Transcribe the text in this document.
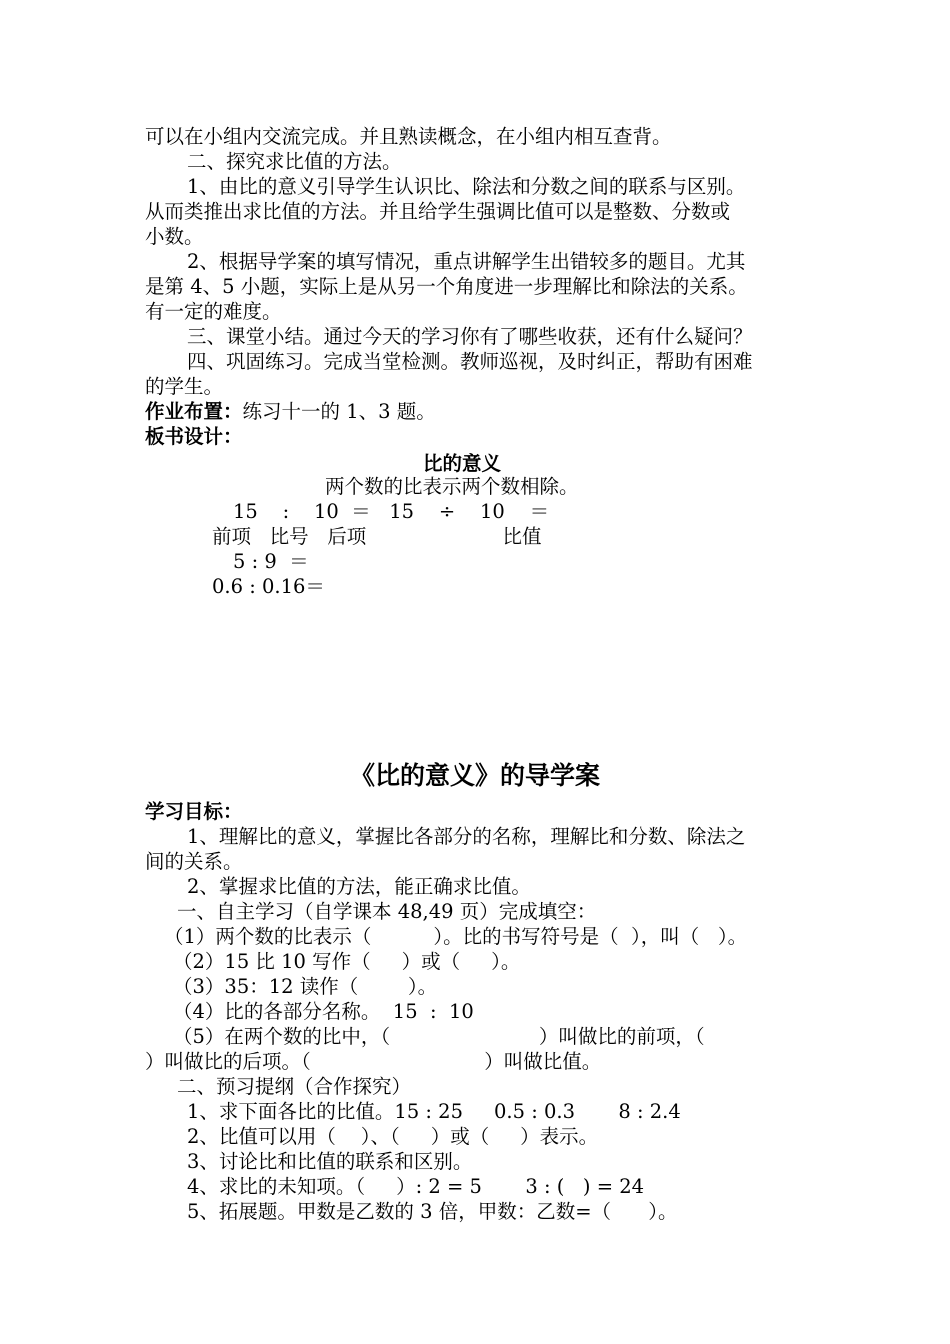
可以在小组内交流完成。并且熟读概念，在小组内相互查背。
二、探究求比值的方法。
1、由比的意义引导学生认识比、除法和分数之间的联系与区别。
从而类推出求比值的方法。并且给学生强调比值可以是整数、分数或
小数。
2、根据导学案的填写情况，重点讲解学生出错较多的题目。尤其
是第 4、5 小题，实际上是从另一个角度进一步理解比和除法的关系。
有一定的难度。
三、课堂小结。通过今天的学习你有了哪些收获，还有什么疑问？
四、巩固练习。完成当堂检测。教师巡视，及时纠正，帮助有困难
的学生。
作业布置：练习十一的 1、3 题。
板书设计：
比的意义
两个数的比表示两个数相除。
15    :    10  ＝   15    ÷    10    ＝
前项   比号   后项                      比值
5 : 9  ＝
0.6 : 0.16＝
《比的意义》的导学案
学习目标：
1、理解比的意义，掌握比各部分的名称，理解比和分数、除法之
间的关系。
2、掌握求比值的方法，能正确求比值。
一、自主学习（自学课本 48,49 页）完成填空：
（1）两个数的比表示（          ）。比的书写符号是（  ），叫（   ）。
（2）15 比 10 写作（     ）或（     ）。
（3）35：12 读作（        ）。
（4）比的各部分名称。  15  :  10
（5）在两个数的比中，（                        ）叫做比的前项，（
）叫做比的后项。（                            ）叫做比值。
二、预习提纲（合作探究）
1、求下面各比的比值。15 : 25     0.5 : 0.3       8 : 2.4
2、比值可以用（    ）、（     ）或（     ）表示。
3、讨论比和比值的联系和区别。
4、求比的未知项。（     ）: 2 = 5       3 : (   ) = 24
5、拓展题。甲数是乙数的 3 倍，甲数：乙数=（      ）。
